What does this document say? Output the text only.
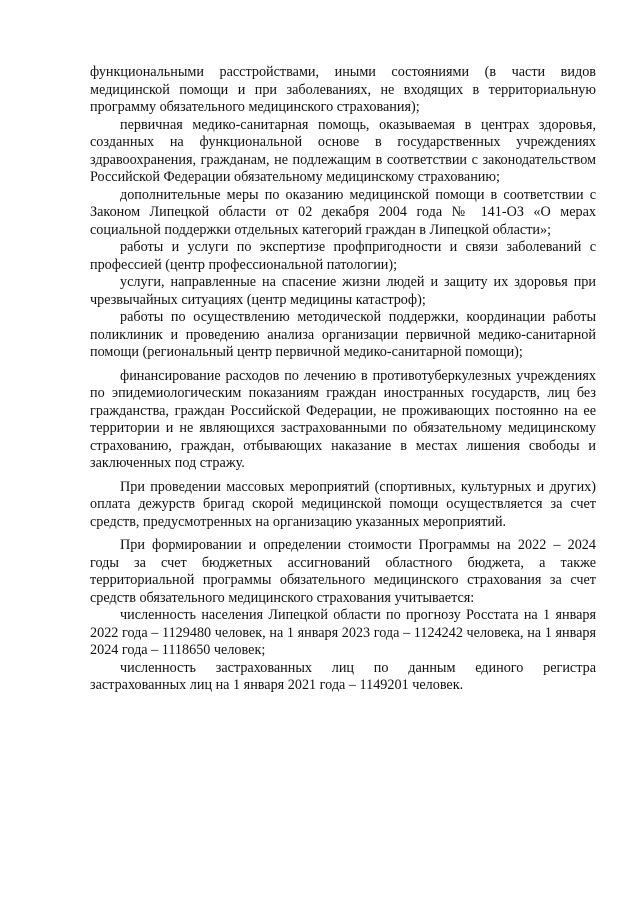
функциональными расстройствами, иными состояниями (в части видов медицинской помощи и при заболеваниях, не входящих в территориальную программу обязательного медицинского страхования);

первичная медико-санитарная помощь, оказываемая в центрах здоровья, созданных на функциональной основе в государственных учреждениях здравоохранения, гражданам, не подлежащим в соответствии с законодательством Российской Федерации обязательному медицинскому страхованию;

дополнительные меры по оказанию медицинской помощи в соответствии с Законом Липецкой области от 02 декабря 2004 года № 141-ОЗ «О мерах социальной поддержки отдельных категорий граждан в Липецкой области»;

работы и услуги по экспертизе профпригодности и связи заболеваний с профессией (центр профессиональной патологии);

услуги, направленные на спасение жизни людей и защиту их здоровья при чрезвычайных ситуациях (центр медицины катастроф);

работы по осуществлению методической поддержки, координации работы поликлиник и проведению анализа организации первичной медико-санитарной помощи (региональный центр первичной медико-санитарной помощи);

финансирование расходов по лечению в противотуберкулезных учреждениях по эпидемиологическим показаниям граждан иностранных государств, лиц без гражданства, граждан Российской Федерации, не проживающих постоянно на ее территории и не являющихся застрахованными по обязательному медицинскому страхованию, граждан, отбывающих наказание в местах лишения свободы и заключенных под стражу.

При проведении массовых мероприятий (спортивных, культурных и других) оплата дежурств бригад скорой медицинской помощи осуществляется за счет средств, предусмотренных на организацию указанных мероприятий.

При формировании и определении стоимости Программы на 2022 – 2024 годы за счет бюджетных ассигнований областного бюджета, а также территориальной программы обязательного медицинского страхования за счет средств обязательного медицинского страхования учитывается:

численность населения Липецкой области по прогнозу Росстата на 1 января 2022 года – 1129480 человек, на 1 января 2023 года – 1124242 человека, на 1 января 2024 года – 1118650 человек;

численность застрахованных лиц по данным единого регистра застрахованных лиц на 1 января 2021 года – 1149201 человек.
